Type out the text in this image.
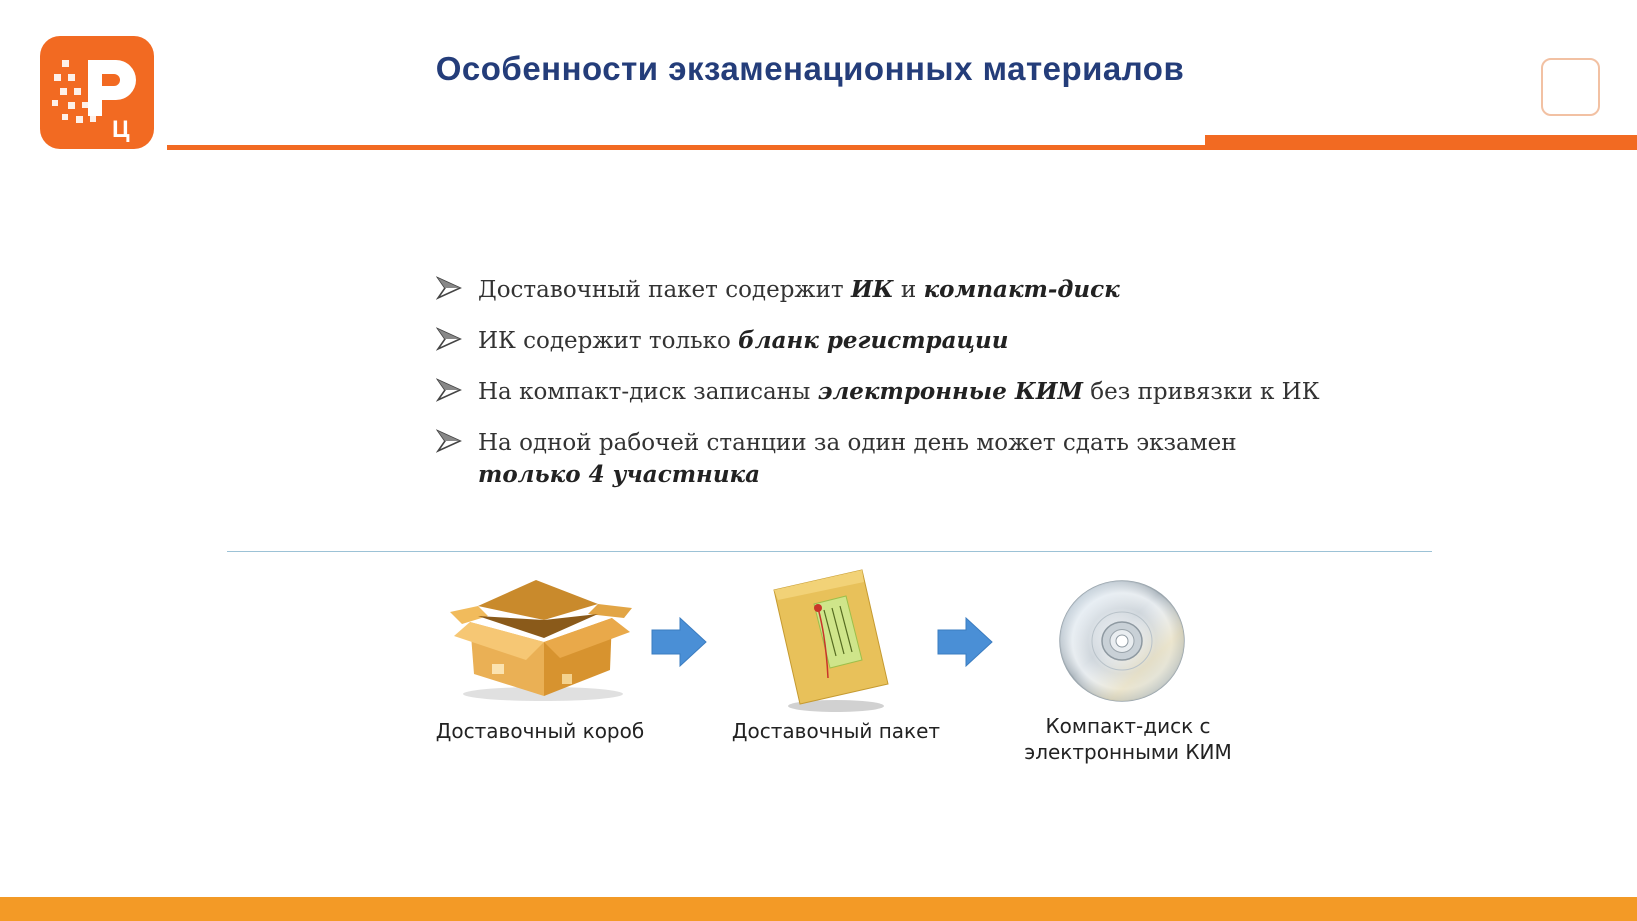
Ц
Особенности экзаменационных материалов
Доставочный пакет содержит ИК и компакт-диск
ИК содержит только бланк регистрации
На компакт-диск записаны электронные КИМ без привязки к ИК
На одной рабочей станции за один день может сдать экзамен
только 4 участника
Доставочный короб	Доставочный пакет	Компакт-диск с
электронными КИМ
